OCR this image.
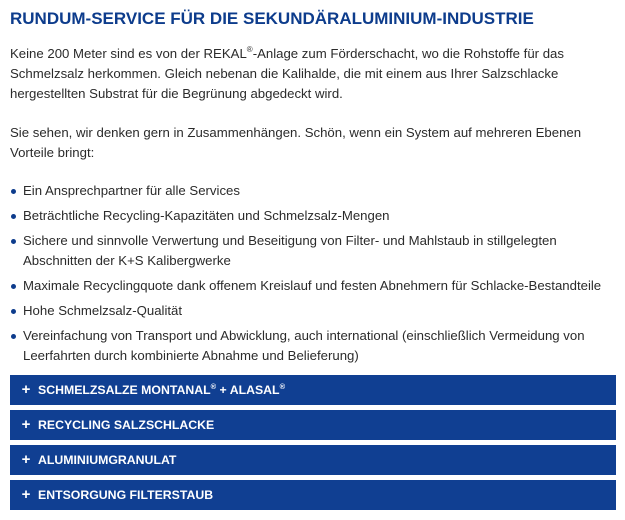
RUNDUM-SERVICE FÜR DIE SEKUNDÄRALUMINIUM-INDUSTRIE

Keine 200 Meter sind es von der REKAL®-Anlage zum Förderschacht, wo die Rohstoffe für das Schmelzsalz herkommen. Gleich nebenan die Kalihalde, die mit einem aus Ihrer Salzschlacke hergestellten Substrat für die Begrünung abgedeckt wird.

Sie sehen, wir denken gern in Zusammenhängen. Schön, wenn ein System auf mehreren Ebenen Vorteile bringt:

Ein Ansprechpartner für alle Services
Beträchtliche Recycling-Kapazitäten und Schmelzsalz-Mengen
Sichere und sinnvolle Verwertung und Beseitigung von Filter- und Mahlstaub in stillgelegten Abschnitten der K+S Kalibergwerke
Maximale Recyclingquote dank offenem Kreislauf und festen Abnehmern für Schlacke-Bestandteile
Hohe Schmelzsalz-Qualität
Vereinfachung von Transport und Abwicklung, auch international (einschließlich Vermeidung von Leerfahrten durch kombinierte Abnahme und Belieferung)
+ SCHMELZSALZE MONTANAL® + ALASAL®
+ RECYCLING SALZSCHLACKE
+ ALUMINIUMGRANULAT
+ ENTSORGUNG FILTERSTAUB
